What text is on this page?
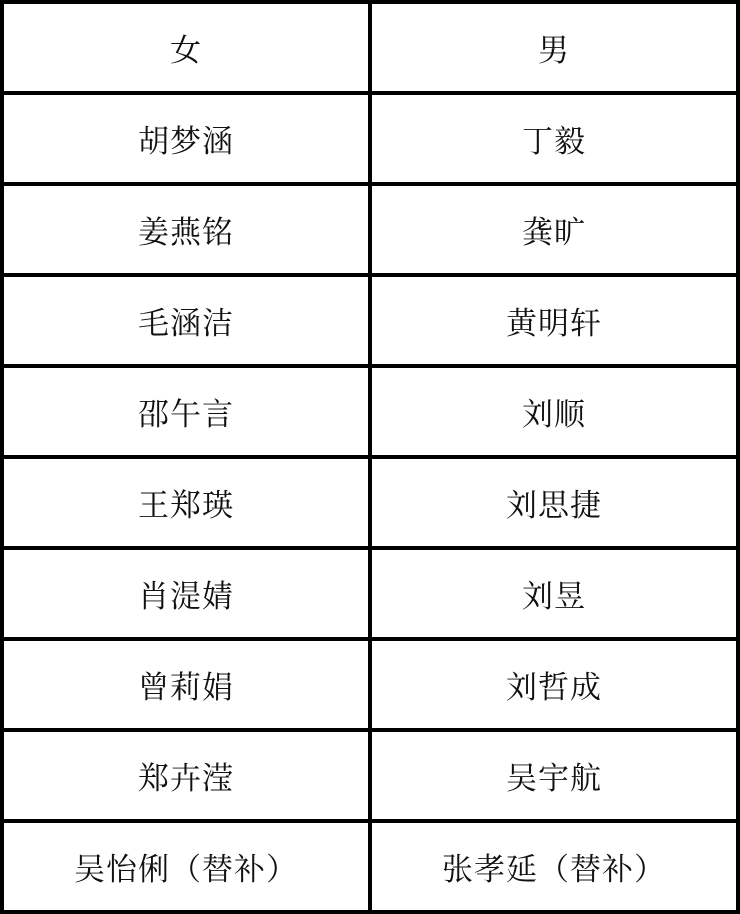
女	男
胡梦涵	丁毅
姜燕铭	龚旷
毛涵洁	黄明轩
邵午言	刘顺
王郑瑛	刘思捷
肖湜婧	刘昱
曾莉娟	刘哲成
郑卉滢	吴宇航
吴怡俐（替补）	张孝延（替补）
